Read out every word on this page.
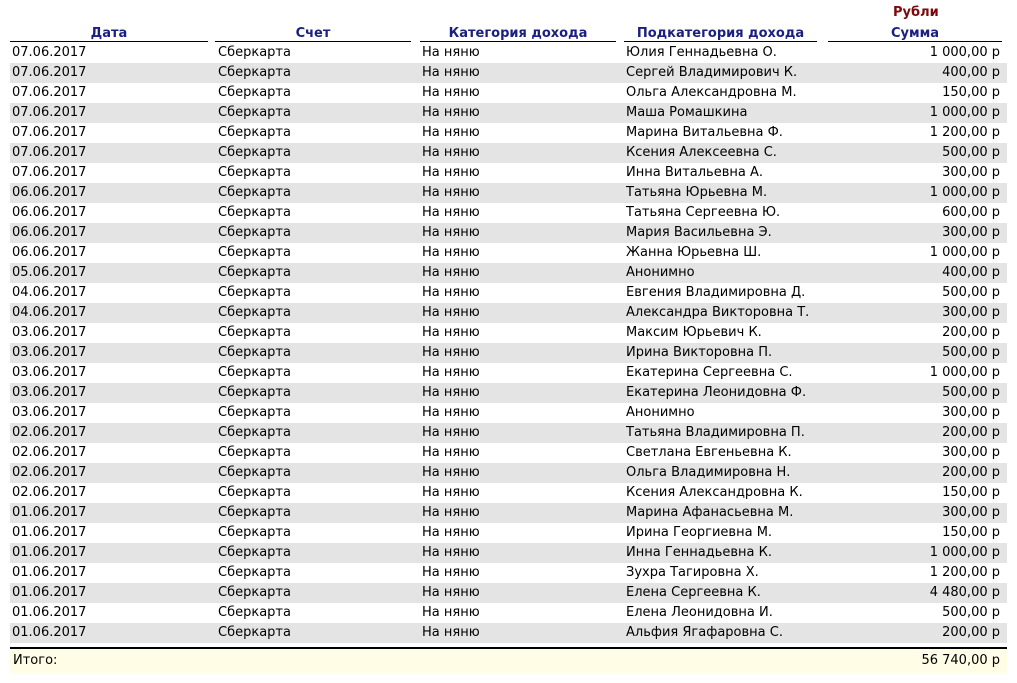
Рубли
Дата	Счет	Категория дохода	Подкатегория дохода	Сумма
07.06.2017	Сберкарта	На няню	Юлия Геннадьевна О.	1 000,00 р
07.06.2017	Сберкарта	На няню	Сергей Владимирович К.	400,00 р
07.06.2017	Сберкарта	На няню	Ольга Александровна М.	150,00 р
07.06.2017	Сберкарта	На няню	Маша Ромашкина	1 000,00 р
07.06.2017	Сберкарта	На няню	Марина Витальевна Ф.	1 200,00 р
07.06.2017	Сберкарта	На няню	Ксения Алексеевна С.	500,00 р
07.06.2017	Сберкарта	На няню	Инна Витальевна А.	300,00 р
06.06.2017	Сберкарта	На няню	Татьяна Юрьевна М.	1 000,00 р
06.06.2017	Сберкарта	На няню	Татьяна Сергеевна Ю.	600,00 р
06.06.2017	Сберкарта	На няню	Мария Васильевна Э.	300,00 р
06.06.2017	Сберкарта	На няню	Жанна Юрьевна Ш.	1 000,00 р
05.06.2017	Сберкарта	На няню	Анонимно	400,00 р
04.06.2017	Сберкарта	На няню	Евгения Владимировна Д.	500,00 р
04.06.2017	Сберкарта	На няню	Александра Викторовна Т.	300,00 р
03.06.2017	Сберкарта	На няню	Максим Юрьевич К.	200,00 р
03.06.2017	Сберкарта	На няню	Ирина Викторовна П.	500,00 р
03.06.2017	Сберкарта	На няню	Екатерина Сергеевна С.	1 000,00 р
03.06.2017	Сберкарта	На няню	Екатерина Леонидовна Ф.	500,00 р
03.06.2017	Сберкарта	На няню	Анонимно	300,00 р
02.06.2017	Сберкарта	На няню	Татьяна Владимировна П.	200,00 р
02.06.2017	Сберкарта	На няню	Светлана Евгеньевна К.	300,00 р
02.06.2017	Сберкарта	На няню	Ольга Владимировна Н.	200,00 р
02.06.2017	Сберкарта	На няню	Ксения Александровна К.	150,00 р
01.06.2017	Сберкарта	На няню	Марина Афанасьевна М.	300,00 р
01.06.2017	Сберкарта	На няню	Ирина Георгиевна М.	150,00 р
01.06.2017	Сберкарта	На няню	Инна Геннадьевна К.	1 000,00 р
01.06.2017	Сберкарта	На няню	Зухра Тагировна Х.	1 200,00 р
01.06.2017	Сберкарта	На няню	Елена Сергеевна К.	4 480,00 р
01.06.2017	Сберкарта	На няню	Елена Леонидовна И.	500,00 р
01.06.2017	Сберкарта	На няню	Альфия Ягафаровна С.	200,00 р
Итого:	56 740,00 р
